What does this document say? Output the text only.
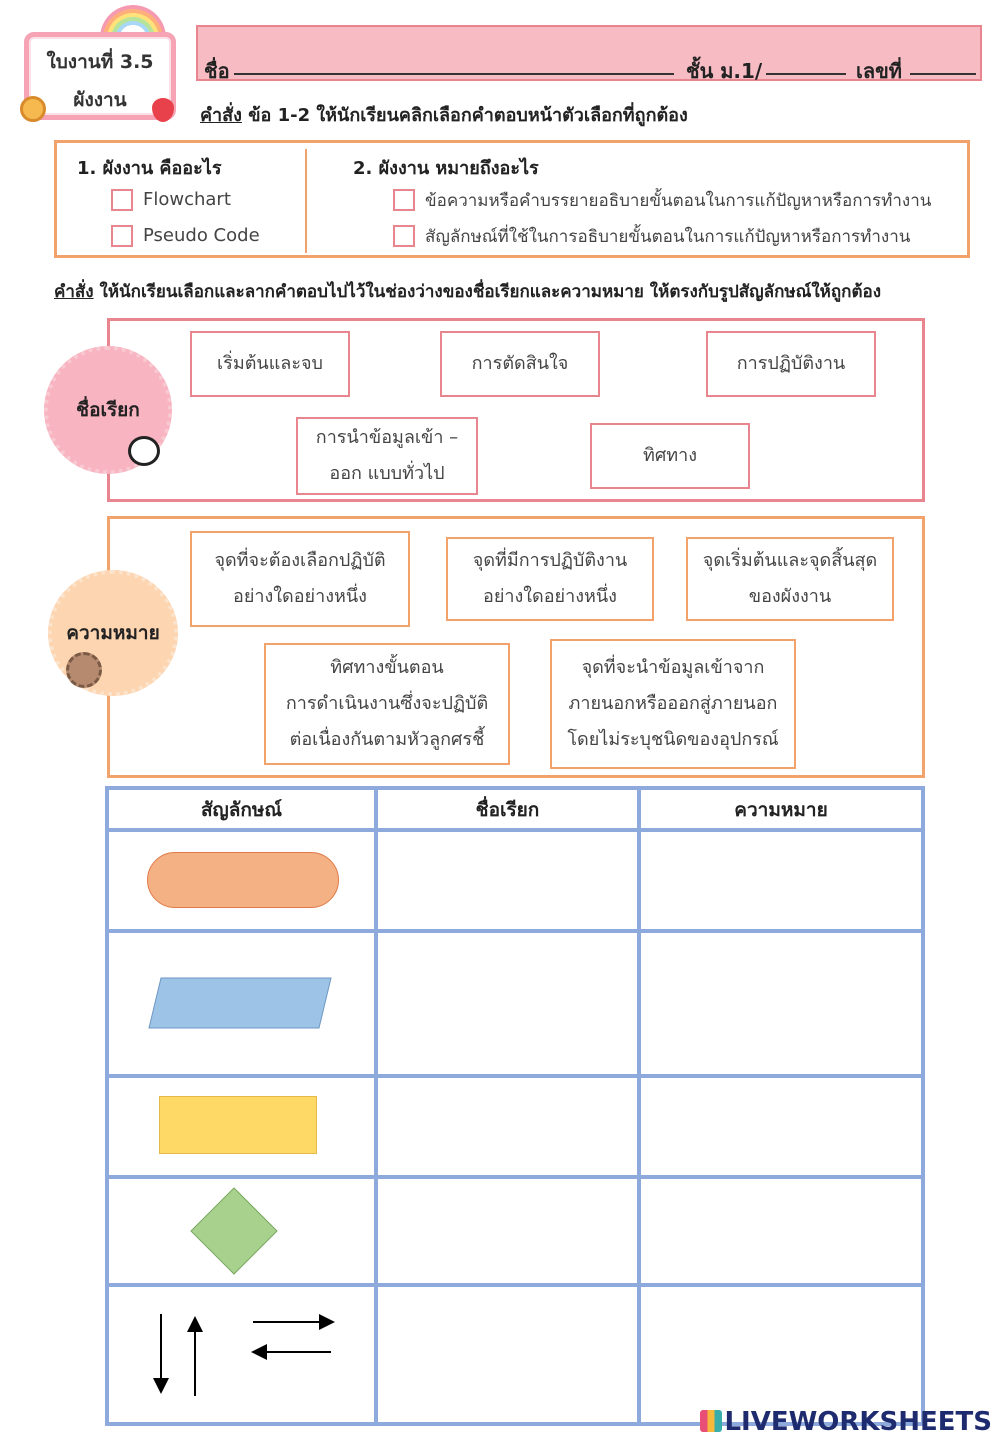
ใบงานที่ 3.5
ผังงาน
ชื่อ	ชั้น ม.1/	เลขที่
คำสั่ง ข้อ 1-2 ให้นักเรียนคลิกเลือกคำตอบหน้าตัวเลือกที่ถูกต้อง
1. ผังงาน คืออะไร
Flowchart
Pseudo Code
2. ผังงาน หมายถึงอะไร
ข้อความหรือคำบรรยายอธิบายขั้นตอนในการแก้ปัญหาหรือการทำงาน
สัญลักษณ์ที่ใช้ในการอธิบายขั้นตอนในการแก้ปัญหาหรือการทำงาน
คำสั่ง ให้นักเรียนเลือกและลากคำตอบไปไว้ในช่องว่างของชื่อเรียกและความหมาย ให้ตรงกับรูปสัญลักษณ์ให้ถูกต้อง
เริ่มต้นและจบ	การตัดสินใจ	การปฏิบัติงาน
การนำข้อมูลเข้า –
ออก แบบทั่วไป
ทิศทาง
ชื่อเรียก
จุดที่จะต้องเลือกปฏิบัติ
อย่างใดอย่างหนึ่ง
จุดที่มีการปฏิบัติงาน
อย่างใดอย่างหนึ่ง
จุดเริ่มต้นและจุดสิ้นสุด
ของผังงาน
ทิศทางขั้นตอน
การดำเนินงานซึ่งจะปฏิบัติ
ต่อเนื่องกันตามหัวลูกศรชี้
จุดที่จะนำข้อมูลเข้าจาก
ภายนอกหรือออกสู่ภายนอก
โดยไม่ระบุชนิดของอุปกรณ์
ความหมาย
สัญลักษณ์	ชื่อเรียก	ความหมาย
LIVEWORKSHEETS
